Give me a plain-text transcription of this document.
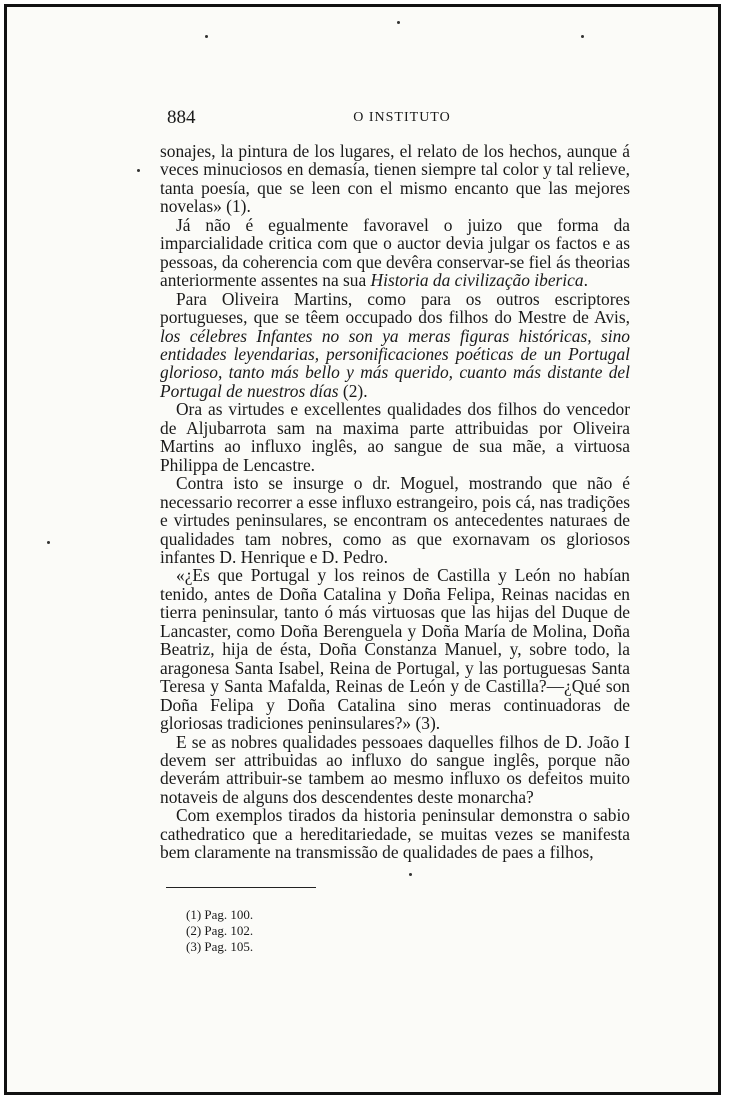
884	O INSTITUTO

sonajes, la pintura de los lugares, el relato de los hechos, aunque á veces minuciosos en demasía, tienen siempre tal color y tal relieve, tanta poesía, que se leen con el mismo encanto que las mejores novelas» (1).

Já não é egualmente favoravel o juizo que forma da imparcialidade critica com que o auctor devia julgar os factos e as pessoas, da coherencia com que devêra conservar-se fiel ás theorias anteriormente assentes na sua Historia da civilização iberica.

Para Oliveira Martins, como para os outros escriptores portugueses, que se têem occupado dos filhos do Mestre de Avis, los célebres Infantes no son ya meras figuras históricas, sino entidades leyendarias, personificaciones poéticas de un Portugal glorioso, tanto más bello y más querido, cuanto más distante del Portugal de nuestros días (2).

Ora as virtudes e excellentes qualidades dos filhos do vencedor de Aljubarrota sam na maxima parte attribuidas por Oliveira Martins ao influxo inglês, ao sangue de sua mãe, a virtuosa Philippa de Lencastre.

Contra isto se insurge o dr. Moguel, mostrando que não é necessario recorrer a esse influxo estrangeiro, pois cá, nas tradições e virtudes peninsulares, se encontram os antecedentes naturaes de qualidades tam nobres, como as que exornavam os gloriosos infantes D. Henrique e D. Pedro.

«¿Es que Portugal y los reinos de Castilla y León no habían tenido, antes de Doña Catalina y Doña Felipa, Reinas nacidas en tierra peninsular, tanto ó más virtuosas que las hijas del Duque de Lancaster, como Doña Berenguela y Doña María de Molina, Doña Beatriz, hija de ésta, Doña Constanza Manuel, y, sobre todo, la aragonesa Santa Isabel, Reina de Portugal, y las portuguesas Santa Teresa y Santa Mafalda, Reinas de León y de Castilla?—¿Qué son Doña Felipa y Doña Catalina sino meras continuadoras de gloriosas tradiciones peninsulares?» (3).

E se as nobres qualidades pessoaes daquelles filhos de D. João I devem ser attribuidas ao influxo do sangue inglês, porque não deverám attribuir-se tambem ao mesmo influxo os defeitos muito notaveis de alguns dos descendentes deste monarcha?

Com exemplos tirados da historia peninsular demonstra o sabio cathedratico que a hereditariedade, se muitas vezes se manifesta bem claramente na transmissão de qualidades de paes a filhos,

(1) Pag. 100.
(2) Pag. 102.
(3) Pag. 105.
